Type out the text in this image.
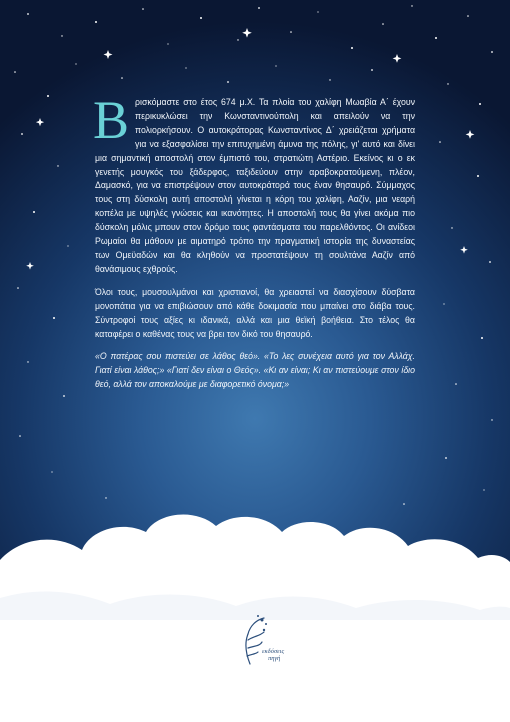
Βρισκόμαστε στο έτος 674 μ.Χ. Τα πλοία του χαλίφη Μωαβία Α΄ έχουν περικυκλώσει την Κωνσταντινούπολη και απειλούν να την πολιορκήσουν. Ο αυτοκράτορας Κωνσταντίνος Δ΄ χρειάζεται χρήματα για να εξασφαλίσει την επιτυχημένη άμυνα της πόλης, γι' αυτό και δίνει μια σημαντική αποστολή στον έμπιστό του, στρατιώτη Αστέριο. Εκείνος κι ο εκ γενετής μουγκός του ξάδερφος, ταξιδεύουν στην αραβοκρατούμενη, πλέον, Δαμασκό, για να επιστρέψουν στον αυτοκράτορά τους έναν θησαυρό. Σύμμαχος τους στη δύσκολη αυτή αποστολή γίνεται η κόρη του χαλίφη, Ααζίν, μια νεαρή κοπέλα με υψηλές γνώσεις και ικανότητες. Η αποστολή τους θα γίνει ακόμα πιο δύσκολη μόλις μπουν στον δρόμο τους φαντάσματα του παρελθόντος. Οι ανίδεοι Ρωμαίοι θα μάθουν με αιματηρό τρόπο την πραγματική ιστορία της δυναστείας των Ομεϋαδών και θα κληθούν να προστατέψουν τη σουλτάνα Ααζίν από θανάσιμους εχθρούς.

Όλοι τους, μουσουλμάνοι και χριστιανοί, θα χρειαστεί να διασχίσουν δύσβατα μονοπάτια για να επιβιώσουν από κάθε δοκιμασία που μπαίνει στο διάβα τους. Σύντροφοί τους αξίες κι ιδανικά, αλλά και μια θεϊκή βοήθεια. Στο τέλος θα καταφέρει ο καθένας τους να βρει τον δικό του θησαυρό.

«Ο πατέρας σου πιστεύει σε λάθος θεό». «Το λες συνέχεια αυτό για τον Αλλάχ. Γιατί είναι λάθος;» «Γιατί δεν είναι ο Θεός». «Κι αν είναι; Κι αν πιστεύουμε στον ίδιο θεό, αλλά τον αποκαλούμε με διαφορετικό όνομα;»

εκδόσεις
πηγή
